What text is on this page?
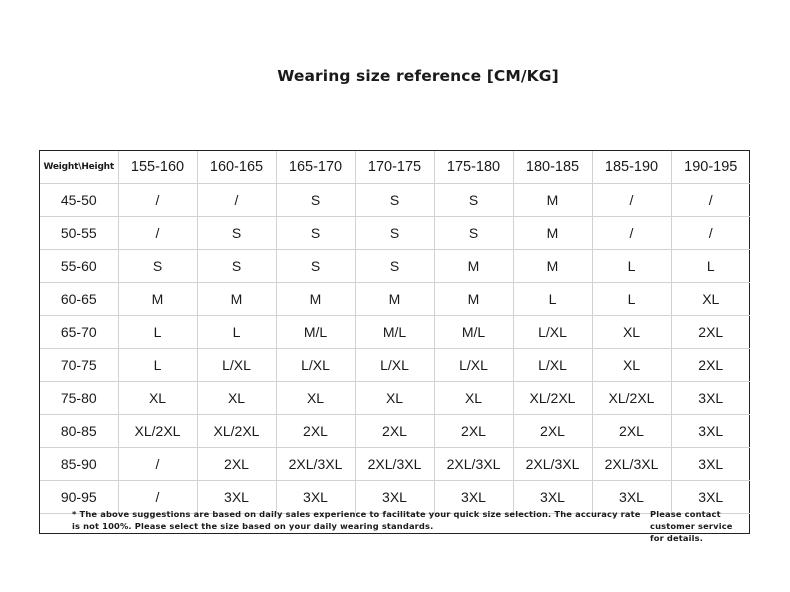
Wearing size reference [CM/KG]
Weight\Height	155-160	160-165	165-170	170-175	175-180	180-185	185-190	190-195
45-50	/	/	S	S	S	M	/	/
50-55	/	S	S	S	S	M	/	/
55-60	S	S	S	S	M	M	L	L
60-65	M	M	M	M	M	L	L	XL
65-70	L	L	M/L	M/L	M/L	L/XL	XL	2XL
70-75	L	L/XL	L/XL	L/XL	L/XL	L/XL	XL	2XL
75-80	XL	XL	XL	XL	XL	XL/2XL	XL/2XL	3XL
80-85	XL/2XL	XL/2XL	2XL	2XL	2XL	2XL	2XL	3XL
85-90	/	2XL	2XL/3XL	2XL/3XL	2XL/3XL	2XL/3XL	2XL/3XL	3XL
90-95	/	3XL	3XL	3XL	3XL	3XL	3XL	3XL
* The above suggestions are based on daily sales experience to facilitate your quick size selection. The accuracy rate is not 100%. Please select the size based on your daily wearing standards.
Please contact customer service for details.
